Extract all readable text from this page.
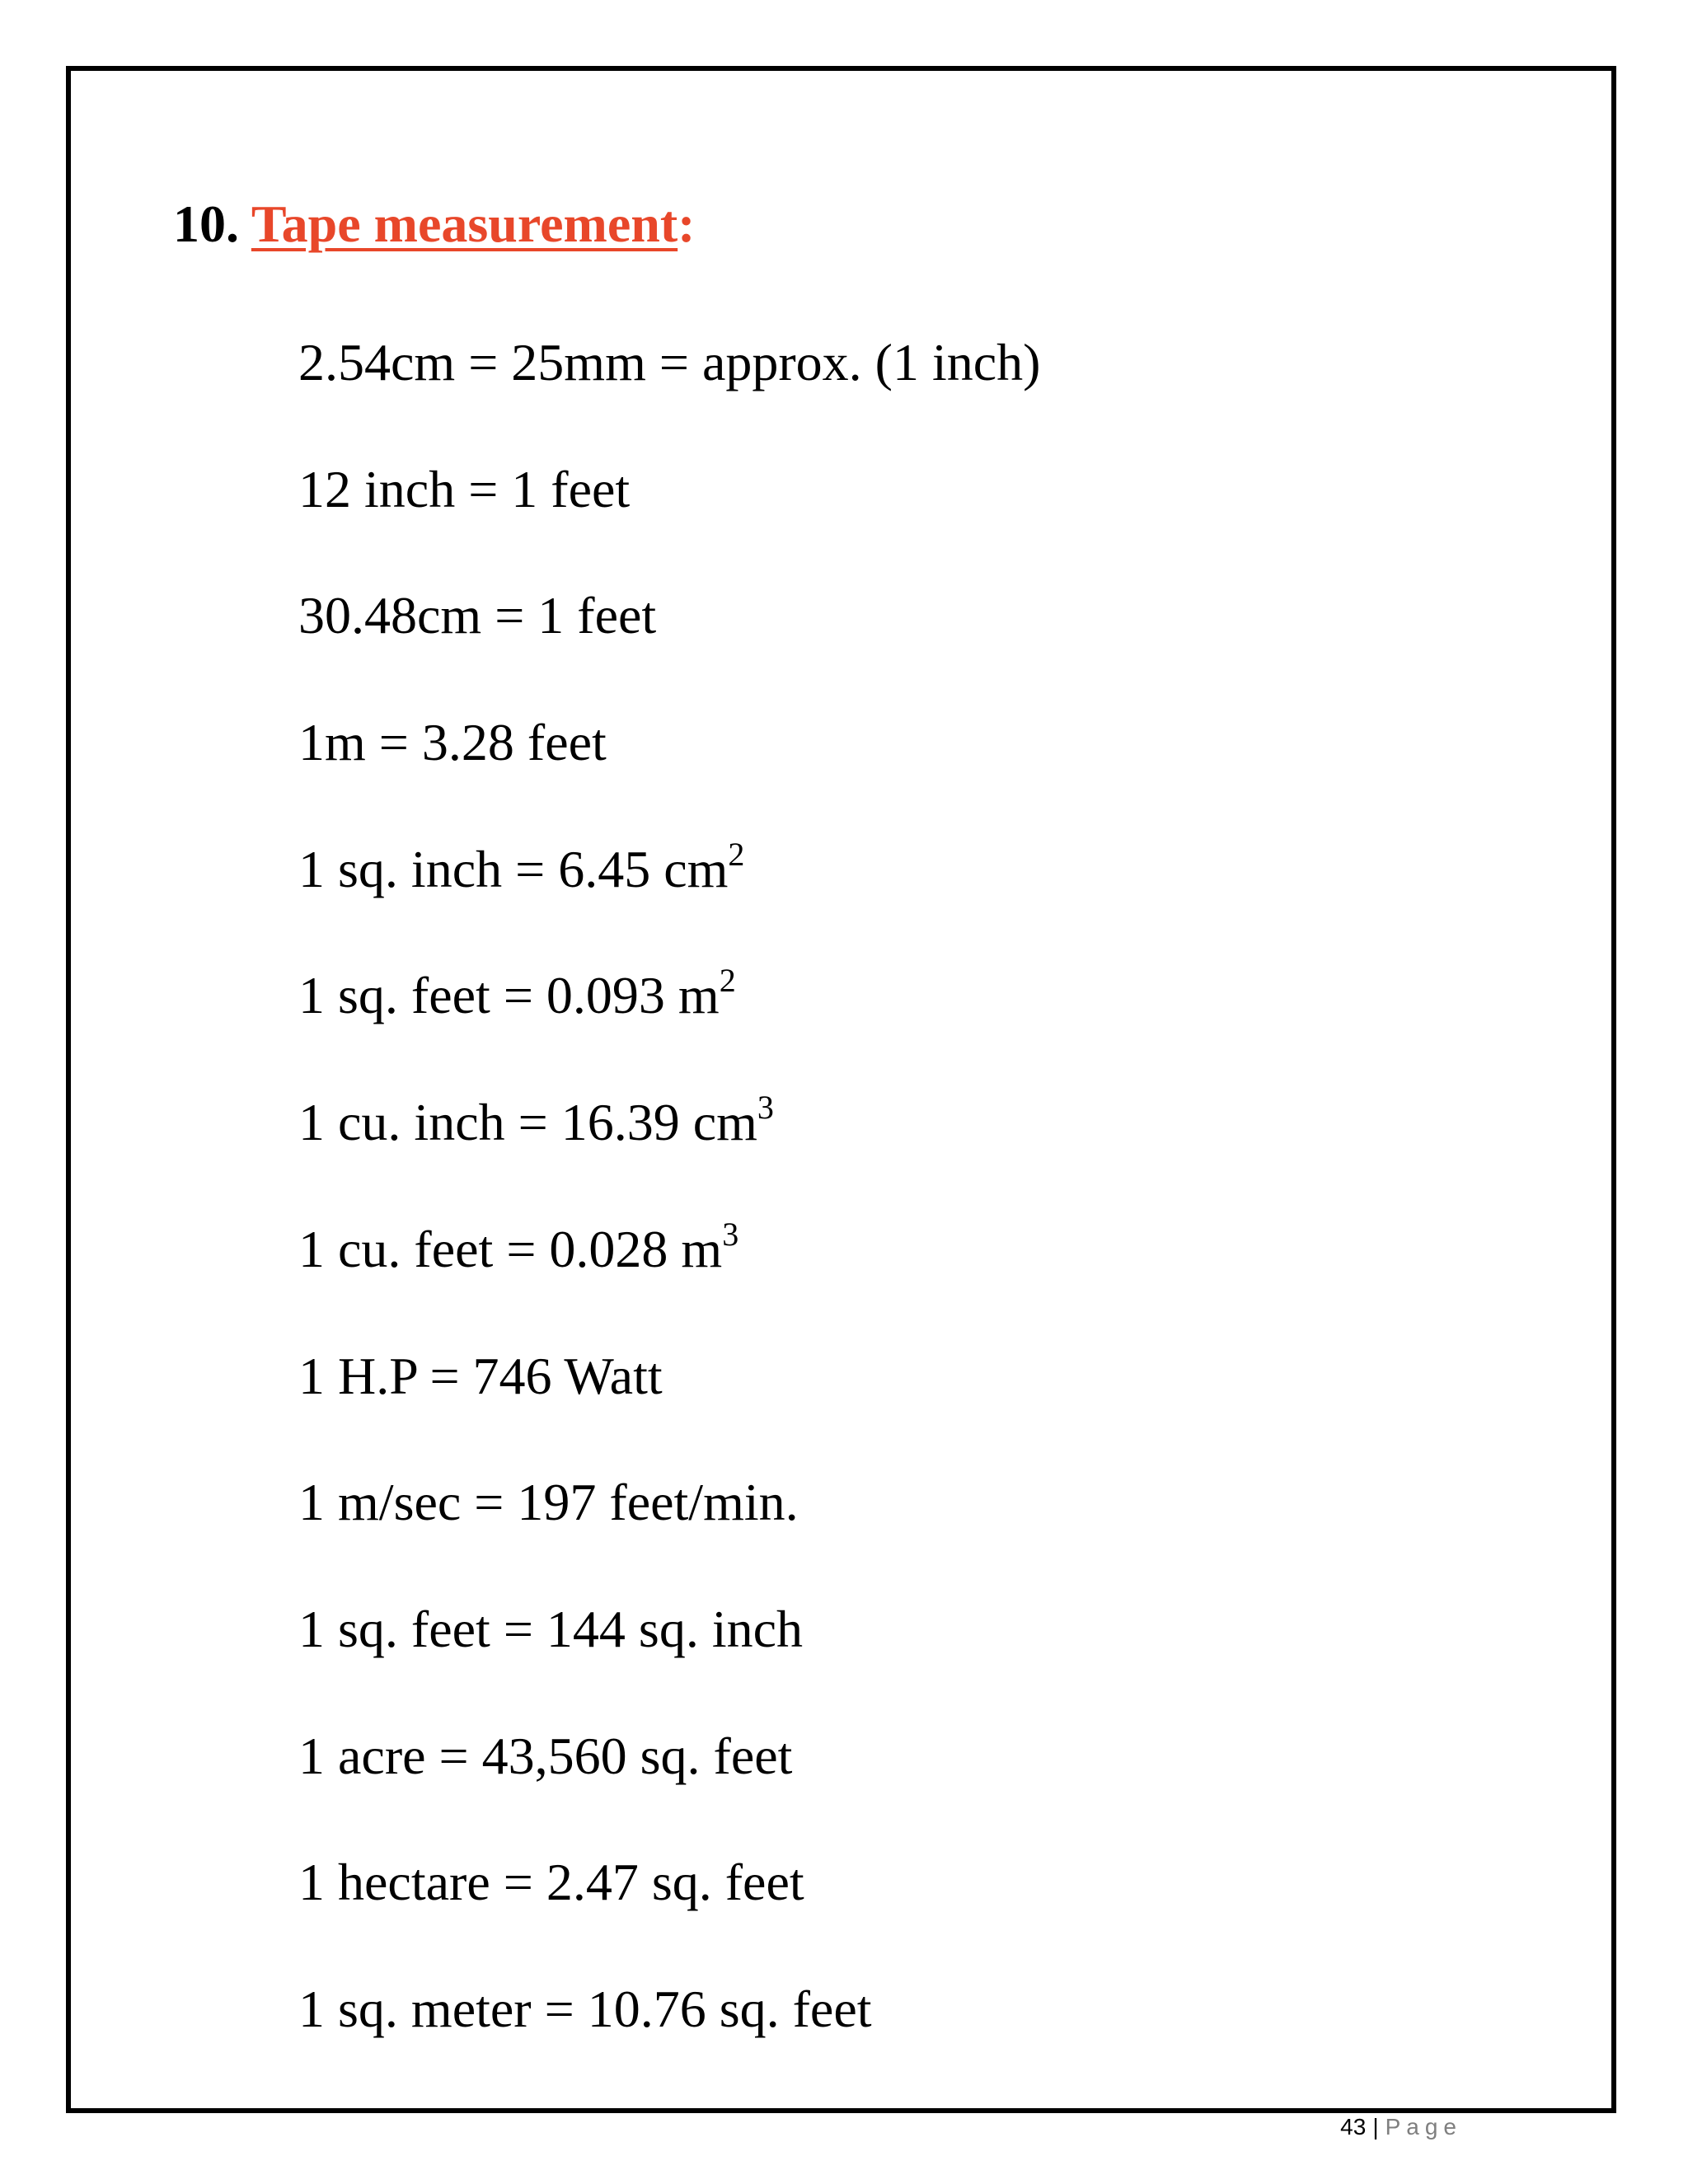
10. Tape measurement:
2.54cm = 25mm = approx. (1 inch)
12 inch = 1 feet
30.48cm = 1 feet
1m = 3.28 feet
1 sq. inch = 6.45 $cm^2$
1 sq. feet = 0.093 $m^2$
1 cu. inch = 16.39 $cm^3$
1 cu. feet = 0.028 $m^3$
1 H.P = 746 Watt
1 m/sec = 197 feet/min.
1 sq. feet = 144 sq. inch
1 acre = 43,560 sq. feet
1 hectare = 2.47 sq. feet
1 sq. meter = 10.76 sq. feet
43 | Page
